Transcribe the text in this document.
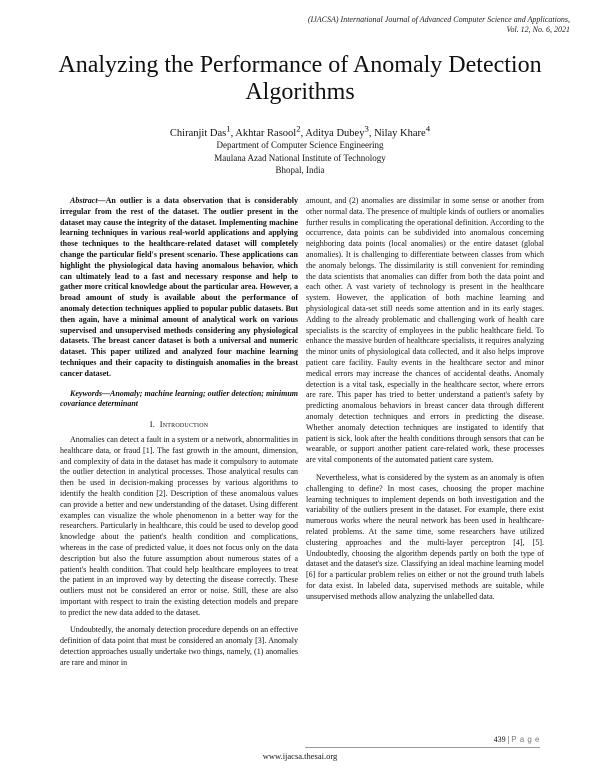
(IJACSA) International Journal of Advanced Computer Science and Applications,
Vol. 12, No. 6, 2021
Analyzing the Performance of Anomaly Detection Algorithms
Chiranjit Das$^1$, Akhtar Rasool$^2$, Aditya Dubey$^3$, Nilay Khare$^4$
Department of Computer Science Engineering
Maulana Azad National Institute of Technology
Bhopal, India

Abstract—An outlier is a data observation that is considerably irregular from the rest of the dataset. The outlier present in the dataset may cause the integrity of the dataset. Implementing machine learning techniques in various real-world applications and applying those techniques to the healthcare-related dataset will completely change the particular field's present scenario. These applications can highlight the physiological data having anomalous behavior, which can ultimately lead to a fast and necessary response and help to gather more critical knowledge about the particular area. However, a broad amount of study is available about the performance of anomaly detection techniques applied to popular public datasets. But then again, have a minimal amount of analytical work on various supervised and unsupervised methods considering any physiological datasets. The breast cancer dataset is both a universal and numeric dataset. This paper utilized and analyzed four machine learning techniques and their capacity to distinguish anomalies in the breast cancer dataset.

Keywords—Anomaly; machine learning; outlier detection; minimum covariance determinant

I. Introduction

Anomalies can detect a fault in a system or a network, abnormalities in healthcare data, or fraud [1]. The fast growth in the amount, dimension, and complexity of data in the dataset has made it compulsory to automate the outlier detection in analytical processes. Those analytical results can then be used in decision-making processes by various algorithms to identify the health condition [2]. Description of these anomalous values can provide a better and new understanding of the dataset. Using different examples can visualize the whole phenomenon in a better way for the researchers. Particularly in healthcare, this could be used to develop good knowledge about the patient's health condition and complications, whereas in the case of predicted value, it does not focus only on the data description but also the future assumption about numerous states of a patient's health condition. That could help healthcare employees to treat the patient in an improved way by detecting the disease correctly. These outliers must not be considered an error or noise. Still, these are also important with respect to train the existing detection models and prepare to predict the new data added to the dataset.

Undoubtedly, the anomaly detection procedure depends on an effective definition of data point that must be considered an anomaly [3]. Anomaly detection approaches usually undertake two things, namely, (1) anomalies are rare and minor in

amount, and (2) anomalies are dissimilar in some sense or another from other normal data. The presence of multiple kinds of outliers or anomalies further results in complicating the operational definition. According to the occurrence, data points can be subdivided into anomalous concerning neighboring data points (local anomalies) or the entire dataset (global anomalies). It is challenging to differentiate between classes from which the anomaly belongs. The dissimilarity is still convenient for reminding the data scientists that anomalies can differ from both the data point and each other. A vast variety of technology is present in the healthcare system. However, the application of both machine learning and physiological data-set still needs some attention and in its early stages. Adding to the already problematic and challenging work of health care specialists is the scarcity of employees in the public healthcare field. To enhance the massive burden of healthcare specialists, it requires analyzing the minor units of physiological data collected, and it also helps improve patient care facility. Faulty events in the healthcare sector and minor medical errors may increase the chances of accidental deaths. Anomaly detection is a vital task, especially in the healthcare sector, where errors are rare. This paper has tried to better understand a patient's safety by predicting anomalous behaviors in breast cancer data through different anomaly detection techniques and errors in predicting the disease. Whether anomaly detection techniques are instigated to identify that patient is sick, look after the health conditions through sensors that can be wearable, or support another patient care-related work, these processes are vital components of the automated patient care system.

Nevertheless, what is considered by the system as an anomaly is often challenging to define? In most cases, choosing the proper machine learning techniques to implement depends on both investigation and the variability of the outliers present in the dataset. For example, there exist numerous works where the neural network has been used in healthcare-related problems. At the same time, some researchers have utilized clustering approaches and the multi-layer perceptron [4], [5]. Undoubtedly, choosing the algorithm depends partly on both the type of dataset and the dataset's size. Classifying an ideal machine learning model [6] for a particular problem relies on either or not the ground truth labels for data exist. In labeled data, supervised methods are suitable, while unsupervised methods allow analyzing the unlabelled data.

439 | P a g e
www.ijacsa.thesai.org
